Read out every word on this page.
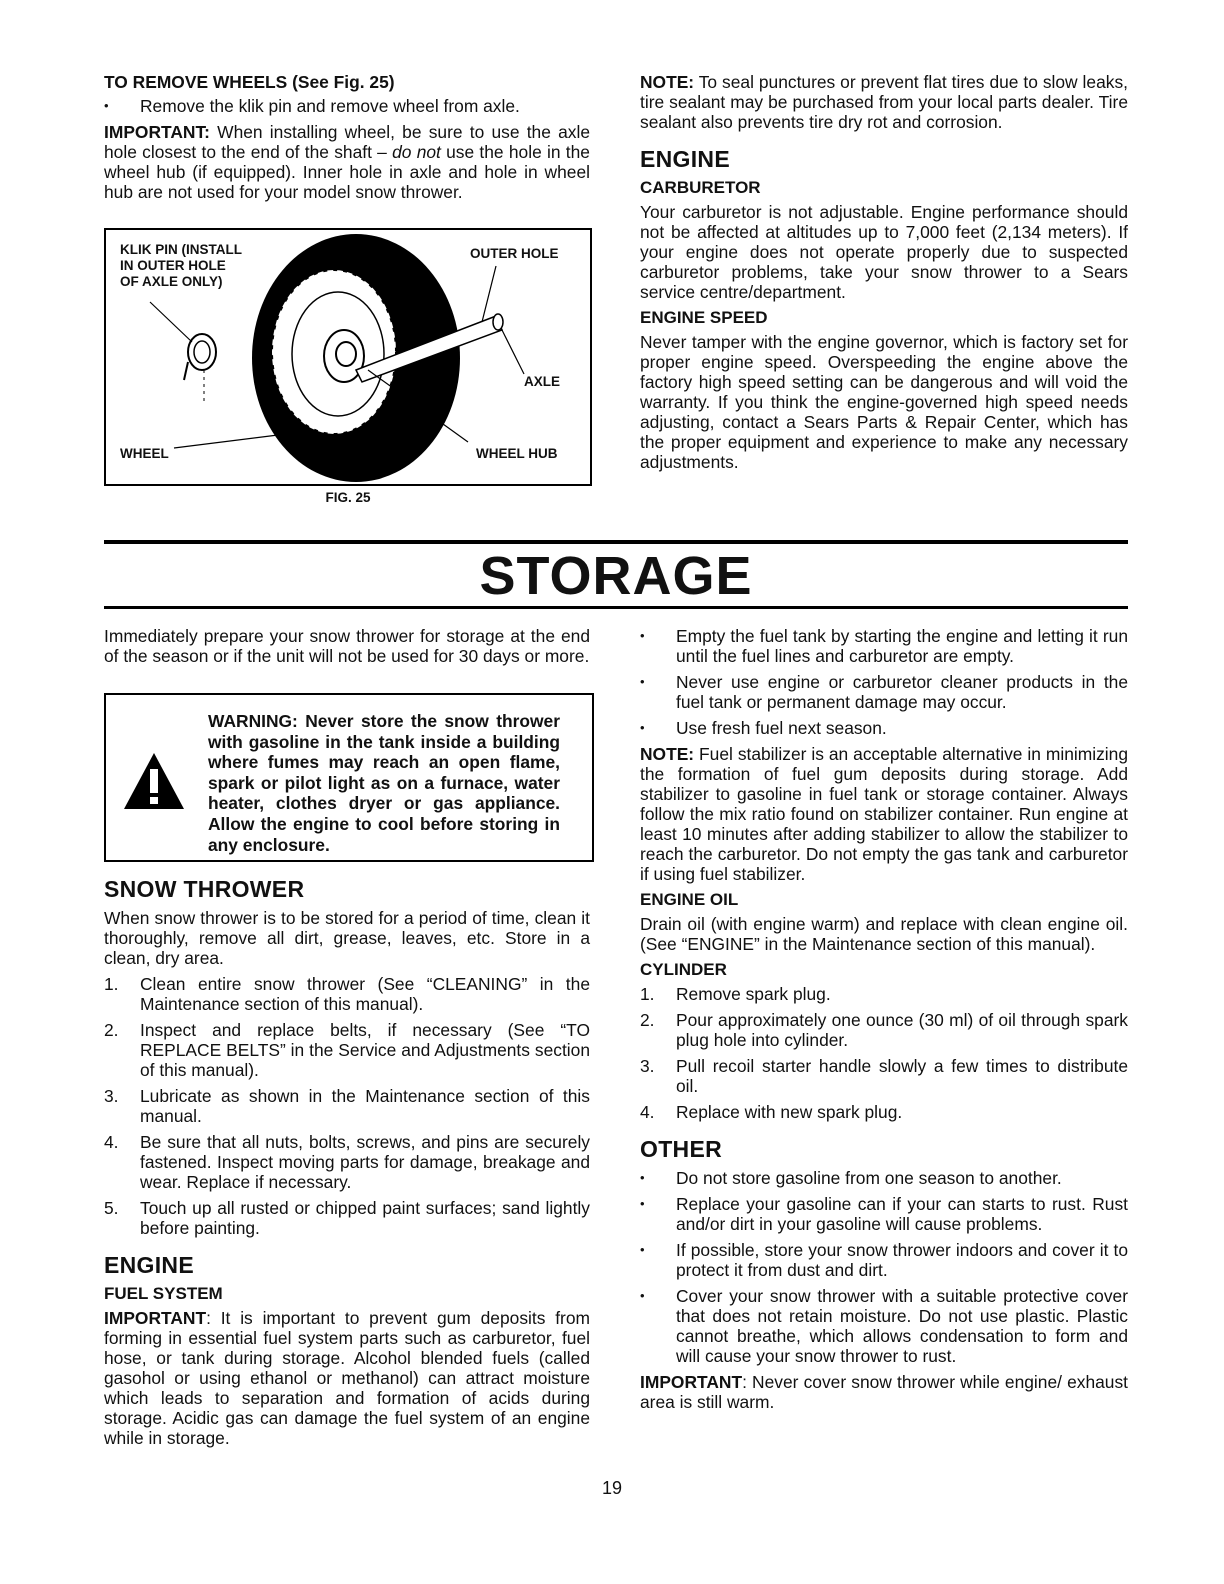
TO REMOVE WHEELS (See Fig. 25)
• Remove the klik pin and remove wheel from axle.

IMPORTANT: When installing wheel, be sure to use the axle hole closest to the end of the shaft – do not use the hole in the wheel hub (if equipped). Inner hole in axle and hole in wheel hub are not used for your model snow thrower.

KLIK PIN (INSTALL
IN OUTER HOLE
OF AXLE ONLY)
OUTER HOLE
AXLE
WHEEL	WHEEL HUB
FIG. 25

NOTE: To seal punctures or prevent flat tires due to slow leaks, tire sealant may be purchased from your local parts dealer. Tire sealant also prevents tire dry rot and corrosion.

ENGINE
CARBURETOR

Your carburetor is not adjustable. Engine performance should not be affected at altitudes up to 7,000 feet (2,134 meters). If your engine does not operate properly due to suspected carburetor problems, take your snow thrower to a Sears service centre/department.

ENGINE SPEED

Never tamper with the engine governor, which is factory set for proper engine speed. Overspeeding the engine above the factory high speed setting can be dangerous and will void the warranty. If you think the engine-governed high speed needs adjusting, contact a Sears Parts & Repair Center, which has the proper equipment and experience to make any necessary adjustments.

STORAGE

Immediately prepare your snow thrower for storage at the end of the season or if the unit will not be used for 30 days or more.

WARNING: Never store the snow thrower with gasoline in the tank inside a building where fumes may reach an open flame, spark or pilot light as on a furnace, water heater, clothes dryer or gas appliance. Allow the engine to cool before storing in any enclosure.
SNOW THROWER

When snow thrower is to be stored for a period of time, clean it thoroughly, remove all dirt, grease, leaves, etc. Store in a clean, dry area.

1. Clean entire snow thrower (See “CLEANING” in the Maintenance section of this manual).
2. Inspect and replace belts, if necessary (See “TO REPLACE BELTS” in the Service and Adjustments section of this manual).
3. Lubricate as shown in the Maintenance section of this manual.
4. Be sure that all nuts, bolts, screws, and pins are securely fastened. Inspect moving parts for damage, breakage and wear. Replace if necessary.
5. Touch up all rusted or chipped paint surfaces; sand lightly before painting.
ENGINE
FUEL SYSTEM

IMPORTANT: It is important to prevent gum deposits from forming in essential fuel system parts such as carburetor, fuel hose, or tank during storage. Alcohol blended fuels (called gasohol or using ethanol or methanol) can attract moisture which leads to separation and formation of acids during storage. Acidic gas can damage the fuel system of an engine while in storage.

• Empty the fuel tank by starting the engine and letting it run until the fuel lines and carburetor are empty.
• Never use engine or carburetor cleaner products in the fuel tank or permanent damage may occur.
• Use fresh fuel next season.

NOTE: Fuel stabilizer is an acceptable alternative in minimizing the formation of fuel gum deposits during storage. Add stabilizer to gasoline in fuel tank or storage container. Always follow the mix ratio found on stabilizer container. Run engine at least 10 minutes after adding stabilizer to allow the stabilizer to reach the carburetor. Do not empty the gas tank and carburetor if using fuel stabilizer.

ENGINE OIL

Drain oil (with engine warm) and replace with clean engine oil. (See “ENGINE” in the Maintenance section of this manual).

CYLINDER
1. Remove spark plug.
2. Pour approximately one ounce (30 ml) of oil through spark plug hole into cylinder.
3. Pull recoil starter handle slowly a few times to distribute oil.
4. Replace with new spark plug.
OTHER
• Do not store gasoline from one season to another.
• Replace your gasoline can if your can starts to rust. Rust and/or dirt in your gasoline will cause problems.
• If possible, store your snow thrower indoors and cover it to protect it from dust and dirt.
• Cover your snow thrower with a suitable protective cover that does not retain moisture. Do not use plastic. Plastic cannot breathe, which allows condensation to form and will cause your snow thrower to rust.

IMPORTANT: Never cover snow thrower while engine/ exhaust area is still warm.

19
